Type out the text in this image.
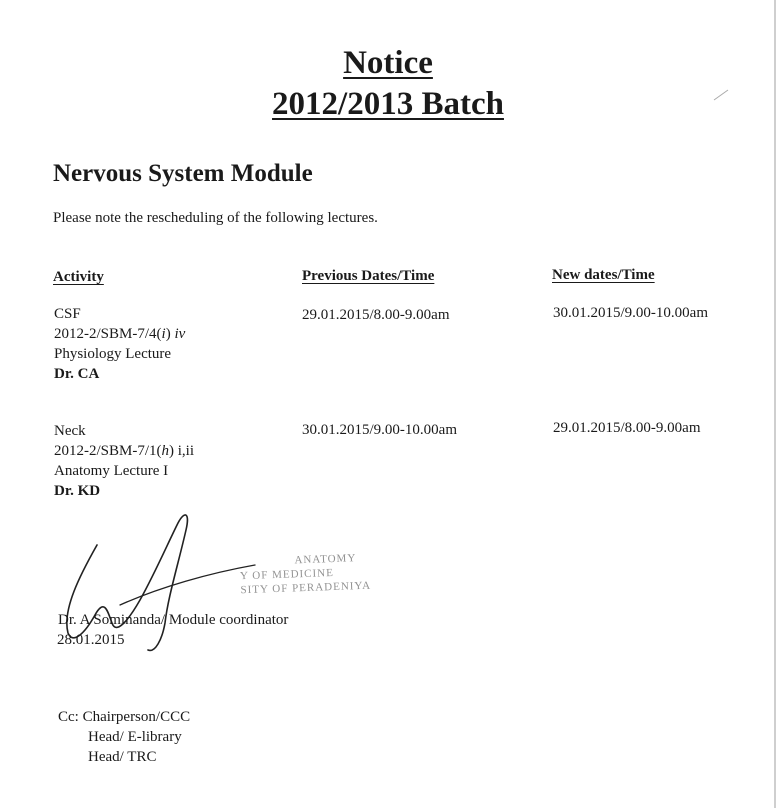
Notice
2012/2013 Batch
Nervous System Module
Please note the rescheduling of the following lectures.
Activity	Previous Dates/Time	New dates/Time
CSF
2012-2/SBM-7/4(i) iv
Physiology Lecture
Dr. CA
29.01.2015/8.00-9.00am	30.01.2015/9.00-10.00am
Neck
2012-2/SBM-7/1(h) i,ii
Anatomy Lecture I
Dr. KD
30.01.2015/9.00-10.00am	29.01.2015/8.00-9.00am
ANATOMY
Y OF MEDICINE
SITY OF PERADENIYA
Dr. A Sominanda/ Module coordinator
28.01.2015
Cc: Chairperson/CCC
Head/ E-library
Head/ TRC
